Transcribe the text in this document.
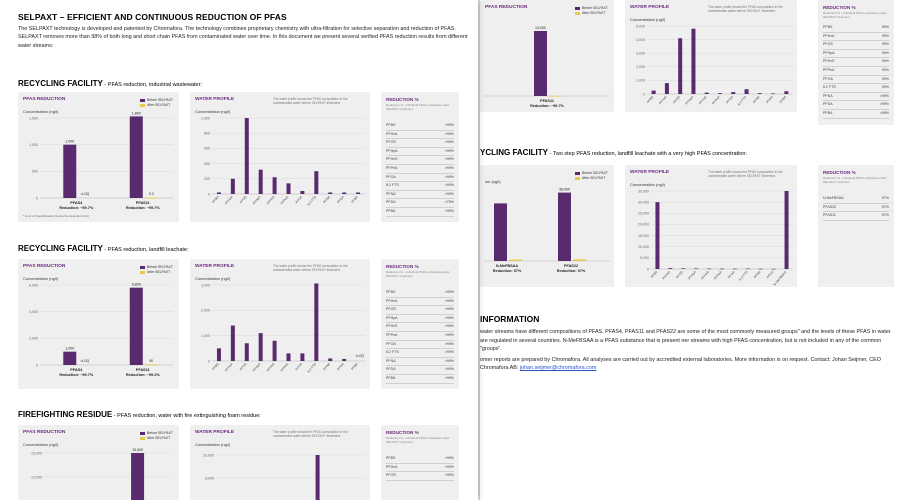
SELPAXT – EFFICIENT AND CONTINUOUS REDUCTION OF PFAS
The SELPAXT technology is developed and patented by Chromafora. The technology combines proprietary chemistry with ultra-filtration for selective separation and reduction of PFAS. SELPAXT removes more than 98% of both long and short chain PFAS from contaminated water over time. In this document we present several verified PFAS reduction results from different water streams:
RECYCLING FACILITY - PFAS reduction, industrial wastewater:
PFAS REDUCTION	Before SELPAXT
After SELPAXT
Concentration (ng/l)
1,500
1,000
500
0
1,000
<LOQ
PFAS4
Reduction: ~99.7%
1,800
5.3
PFAS11
Reduction: ~99.7%
* Limit of Quantification (below the detection limit)
WATER PROFILE	The water profile shows the PFAS composition in the contaminated water before SELPAXT treatment.
Concentration (ng/l)
1,000
800
600
400
200
0
PFBS PFHxA PFOS PFHpA PFHxS PFPeA PFOA 6:2 FTS PFNA PFDA PFBA
REDUCTION %
Reduction % - individual PFAS substances after SELPAXT treatment
PFBS	>99%
PFHxA	>99%
PFOS	>99%
PFHpA	>99%
PFHxS	>99%
PFPeA	>99%
PFOA	>99%
6:2 FTS	>99%
PFNA	>99%
PFDA	>75%
PFBA	>99%
RECYCLING FACILITY - PFAS reduction, landfill leachate:
PFAS REDUCTION	Before SELPAXT
After SELPAXT
Concentration (ng/l)
6,000
4,000
2,000
0
1,000
<LOQ
PFAS4
Reduction: ~99.7%
5,800
50
PFAS11
Reduction: ~99.2%
WATER PROFILE	The water profile shows the PFAS composition in the contaminated water before SELPAXT treatment.
Concentration (ng/l)
3,000
2,000
1,000
0
PFBS PFHxA PFOS PFHpA PFHxS PFPeA PFOA 6:2 FTS PFNA PFDA PFBA
<LOQ
REDUCTION %
Reduction % - individual PFAS substances after SELPAXT treatment
PFBS	>99%
PFHxA	>99%
PFOS	>99%
PFHpA	>99%
PFHxS	>99%
PFPeA	>99%
PFOA	>99%
6:2 FTS	>99%
PFNA	>99%
PFDA	>99%
PFBA	>99%
FIREFIGHTING RESIDUE - PFAS reduction, water with fire extinguishing foam residue:
PFAS REDUCTION	Before SELPAXT
After SELPAXT
Concentration (ng/l)
15,000
12,000
15,000
WATER PROFILE	The water profile shows the PFAS composition in the contaminated water before SELPAXT treatment.
Concentration (ng/l)
10,000
8,000
REDUCTION %
Reduction % - individual PFAS substances after SELPAXT treatment
PFBS	>99%
PFHxA	>99%
PFOS	>99%
PFAS REDUCTION	Before SELPAXT
After SELPAXT
13,000
PFAS11
Reduction: ~99.7%
WATER PROFILE	The water profile shows the PFAS composition in the contaminated water before SELPAXT treatment.
Concentration (ng/l)
5,000
4,000
3,000
2,000
1,000
0
PFBS PFHxA PFOS PFHpA PFHxS PFPeA PFOA 6:2 FTS PFNA PFDA PFBA
REDUCTION %
Reduction % - individual PFAS substances after SELPAXT treatment
PFBS	99%
PFHxA	99%
PFOS	99%
PFHpA	99%
PFHxS	99%
PFPeA	99%
PFOA	99%
6:2 FTS	99%
PFNA	>99%
PFDA	>99%
PFBA	>99%
YCLING FACILITY - Two step PFAS reduction, landfill leachate with a very high PFAS concentration:
Before SELPAXT
After SELPAXT
ion (ng/l)
N-MeFBSAA
Reduction: 97%
38,000
PFAS22
Reduction: 97%
WATER PROFILE	The water profile shows the PFAS composition in the contaminated water before SELPAXT treatment.
Concentration (ng/l)
35,000
30,000
25,000
20,000
15,000
10,000
5,000
0
PFBS PFHxA PFOS PFHpA PFHxS PFPeA PFOA 6:2 FTS PFNA PFDA
N-MeFBSAA
REDUCTION %
Reduction % - individual PFAS substances after SELPAXT treatment
N-MeFBSAA	97%
PFAS22	97%
PFAS11	97%
INFORMATION
water streams have different compositions of PFAS. PFAS4, PFAS11 and PFAS22 are some of the most commonly measured groups" and the levels of these PFAS in water are regulated in several countries. N-MeFBSAA is a PFAS substance that is present ner streams with high PFAS concentration, but is not included in any of the common "groups".
omer reports are prepared by Chromafora. All analyses are carried out by accredited external laboratories. More information is on request. Contact: Johan Seijmer, CEO Chromafora AB: johan.seijmer@chromafora.com
